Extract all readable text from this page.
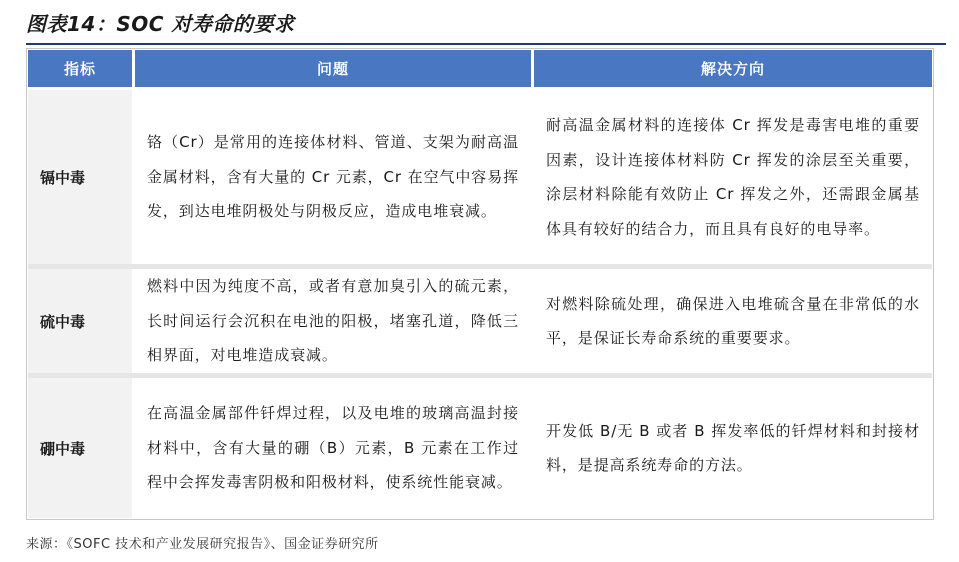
图表14：SOC 对寿命的要求
指标	问题	解决方向
镉中毒
铬（Cr）是常用的连接体材料、管道、支架为耐高温金属材料，含有大量的 Cr 元素，Cr 在空气中容易挥发，到达电堆阴极处与阴极反应，造成电堆衰减。
耐高温金属材料的连接体 Cr 挥发是毒害电堆的重要因素，设计连接体材料防 Cr 挥发的涂层至关重要，涂层材料除能有效防止 Cr 挥发之外，还需跟金属基体具有较好的结合力，而且具有良好的电导率。
硫中毒
燃料中因为纯度不高，或者有意加臭引入的硫元素，长时间运行会沉积在电池的阳极，堵塞孔道，降低三相界面，对电堆造成衰减。
对燃料除硫处理，确保进入电堆硫含量在非常低的水平，是保证长寿命系统的重要要求。
硼中毒
在高温金属部件钎焊过程，以及电堆的玻璃高温封接材料中，含有大量的硼（B）元素，B 元素在工作过程中会挥发毒害阴极和阳极材料，使系统性能衰减。
开发低 B/无 B 或者 B 挥发率低的钎焊材料和封接材料，是提高系统寿命的方法。
来源：《SOFC 技术和产业发展研究报告》、国金证券研究所
